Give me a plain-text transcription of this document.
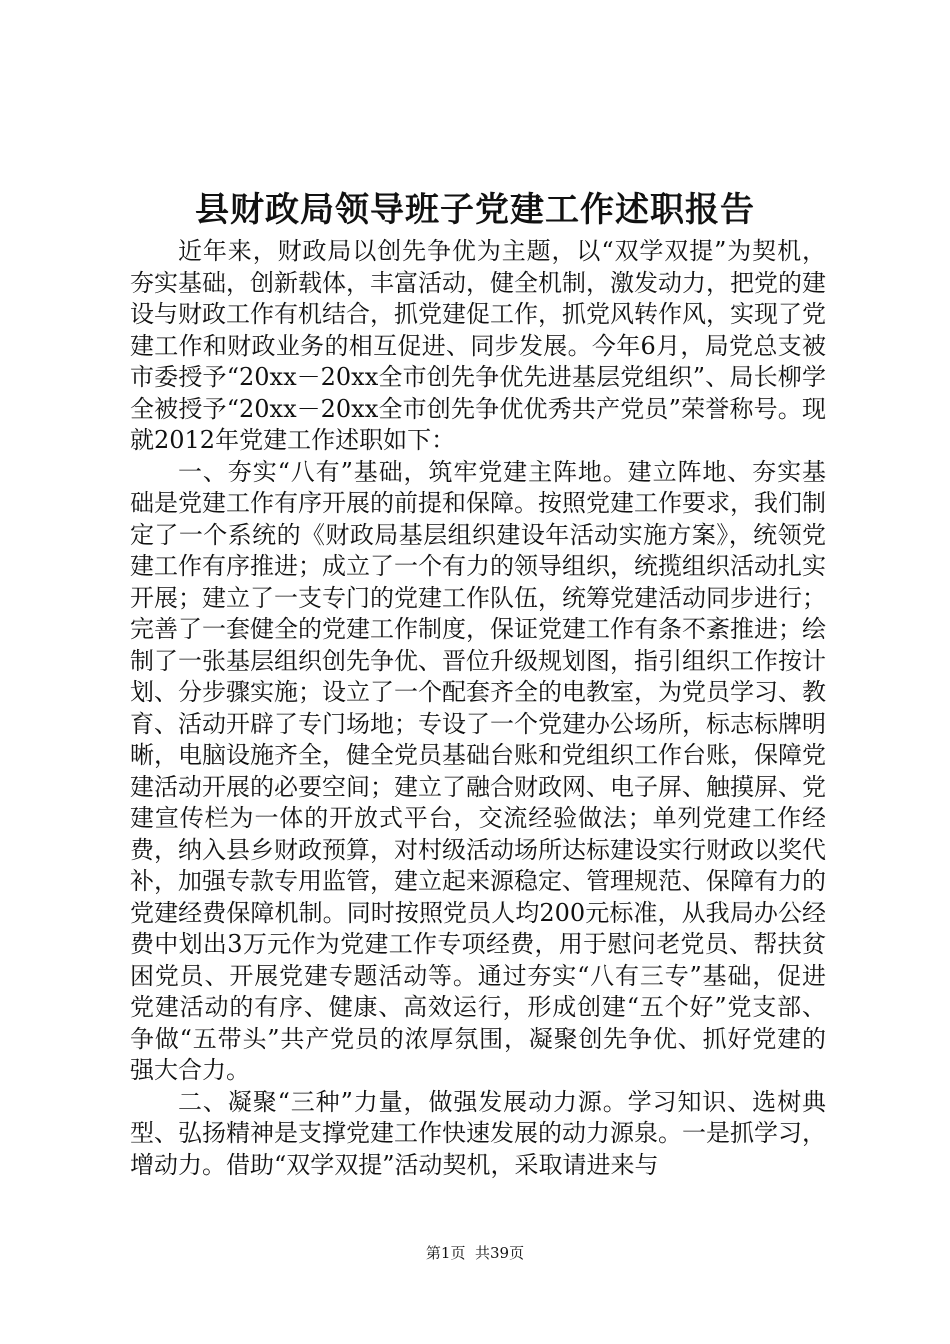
县财政局领导班子党建工作述职报告

近年来，财政局以创先争优为主题，以“双学双提”为契机，夯实基础，创新载体，丰富活动，健全机制，激发动力，把党的建设与财政工作有机结合，抓党建促工作，抓党风转作风，实现了党建工作和财政业务的相互促进、同步发展。今年6月，局党总支被市委授予“20xx－20xx全市创先争优先进基层党组织”、局长柳学全被授予“20xx－20xx全市创先争优优秀共产党员”荣誉称号。现就2012年党建工作述职如下：

一、夯实“八有”基础，筑牢党建主阵地。建立阵地、夯实基础是党建工作有序开展的前提和保障。按照党建工作要求，我们制定了一个系统的《财政局基层组织建设年活动实施方案》，统领党建工作有序推进；成立了一个有力的领导组织，统揽组织活动扎实开展；建立了一支专门的党建工作队伍，统筹党建活动同步进行；完善了一套健全的党建工作制度，保证党建工作有条不紊推进；绘制了一张基层组织创先争优、晋位升级规划图，指引组织工作按计划、分步骤实施；设立了一个配套齐全的电教室，为党员学习、教育、活动开辟了专门场地；专设了一个党建办公场所，标志标牌明晰，电脑设施齐全，健全党员基础台账和党组织工作台账，保障党建活动开展的必要空间；建立了融合财政网、电子屏、触摸屏、党建宣传栏为一体的开放式平台，交流经验做法；单列党建工作经费，纳入县乡财政预算，对村级活动场所达标建设实行财政以奖代补，加强专款专用监管，建立起来源稳定、管理规范、保障有力的党建经费保障机制。同时按照党员人均200元标准，从我局办公经费中划出3万元作为党建工作专项经费，用于慰问老党员、帮扶贫困党员、开展党建专题活动等。通过夯实“八有三专”基础，促进党建活动的有序、健康、高效运行，形成创建“五个好”党支部、争做“五带头”共产党员的浓厚氛围，凝聚创先争优、抓好党建的强大合力。

二、凝聚“三种”力量，做强发展动力源。学习知识、选树典型、弘扬精神是支撑党建工作快速发展的动力源泉。一是抓学习，增动力。借助“双学双提”活动契机，采取请进来与

第1页 共39页
